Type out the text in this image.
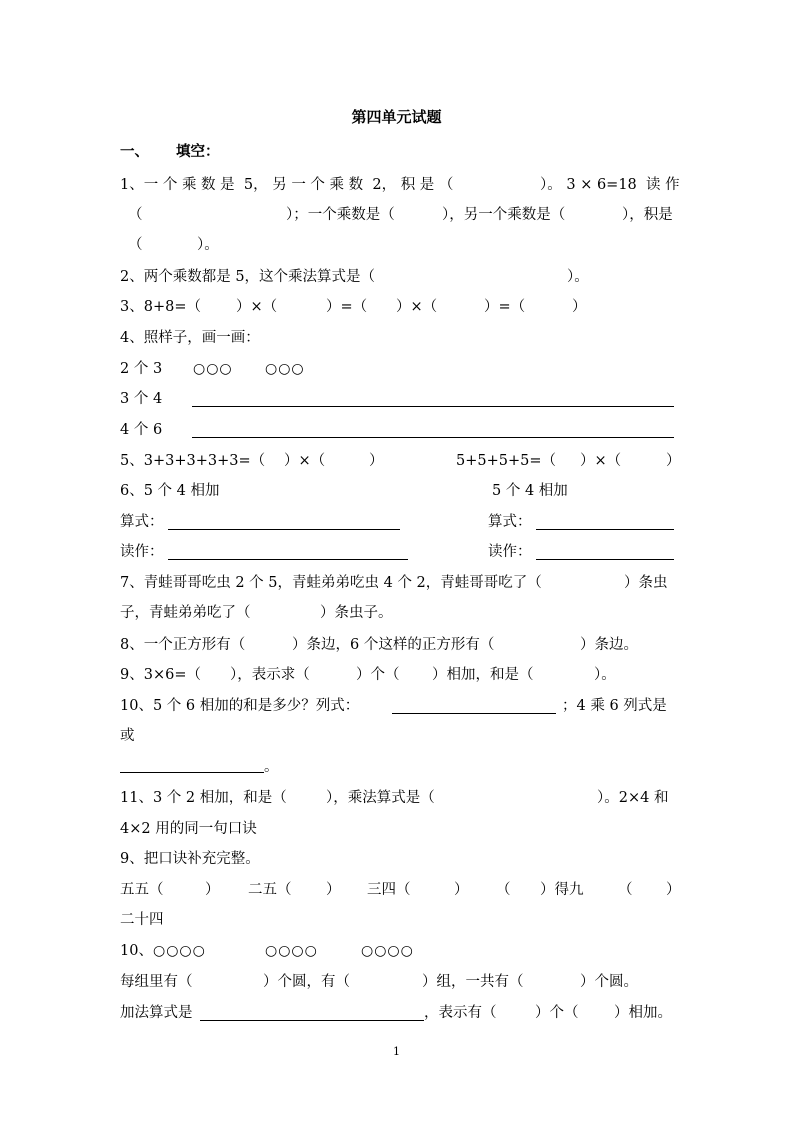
第四单元试题
一、 填空：
1、一 个 乘 数 是  5， 另 一 个 乘 数  2， 积 是 （	）。 3 × 6=18  读 作
（	）；一个乘数是（	），另一个乘数是（	），积是
（	）。
2、两个乘数都是 5，这个乘法算式是（	）。
3、8+8=（ ）×（	）=（ ）×（	）=（	）
4、照样子，画一画：
2 个 3 ○○○ ○○○
3 个 4
4 个 6
5、3+3+3+3+3=（ ）×（	）	5+5+5+5=（ ）×（	）
6、5 个 4 相加	5 个 4 相加
算式：	算式：
读作：	读作：
7、青蛙哥哥吃虫 2 个 5，青蛙弟弟吃虫 4 个 2，青蛙哥哥吃了（	）条虫
子，青蛙弟弟吃了（	）条虫子。
8、一个正方形有（	）条边，6 个这样的正方形有（	）条边。
9、3×6=（ ），表示求（	）个（ ）相加，和是（	）。
10、5 个 6 相加的和是多少？列式：	；4 乘 6 列式是
或
。
11、3 个 2 相加，和是（	），乘法算式是（	）。2×4 和
4×2 用的同一句口诀
9、把口诀补充完整。
五五（	） 二五（ ） 三四（	） （ ）得九 （ ）
二十四
10、 ○○○○	○○○○	○○○○
每组里有（	）个圆，有（	）组，一共有（	）个圆。
加法算式是	，表示有（	）个（ ）相加。
1
